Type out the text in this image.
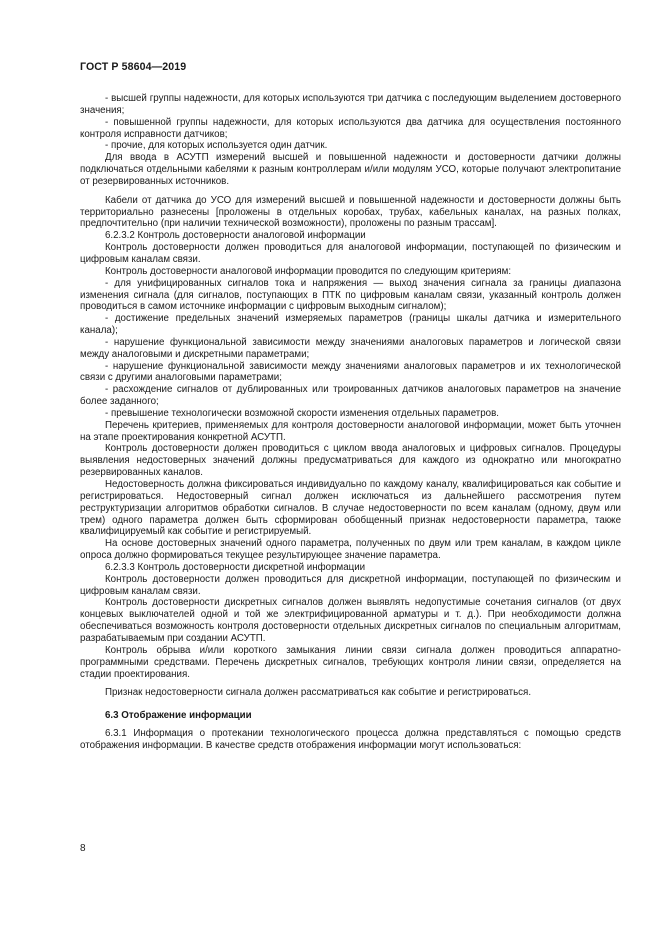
ГОСТ Р 58604—2019

- высшей группы надежности, для которых используются три датчика с последующим выделением достоверного значения;

- повышенной группы надежности, для которых используются два датчика для осуществления постоянного контроля исправности датчиков;

- прочие, для которых используется один датчик.

Для ввода в АСУТП измерений высшей и повышенной надежности и достоверности датчики должны подключаться отдельными кабелями к разным контроллерам и/или модулям УСО, которые получают электропитание от резервированных источников.

Кабели от датчика до УСО для измерений высшей и повышенной надежности и достоверности должны быть территориально разнесены [проложены в отдельных коробах, трубах, кабельных каналах, на разных полках, предпочтительно (при наличии технической возможности), проложены по разным трассам].

6.2.3.2 Контроль достоверности аналоговой информации

Контроль достоверности должен проводиться для аналоговой информации, поступающей по физическим и цифровым каналам связи.

Контроль достоверности аналоговой информации проводится по следующим критериям:

- для унифицированных сигналов тока и напряжения — выход значения сигнала за границы диапазона изменения сигнала (для сигналов, поступающих в ПТК по цифровым каналам связи, указанный контроль должен проводиться в самом источнике информации с цифровым выходным сигналом);

- достижение предельных значений измеряемых параметров (границы шкалы датчика и измерительного канала);

- нарушение функциональной зависимости между значениями аналоговых параметров и логической связи между аналоговыми и дискретными параметрами;

- нарушение функциональной зависимости между значениями аналоговых параметров и их технологической связи с другими аналоговыми параметрами;

- расхождение сигналов от дублированных или троированных датчиков аналоговых параметров на значение более заданного;

- превышение технологически возможной скорости изменения отдельных параметров.

Перечень критериев, применяемых для контроля достоверности аналоговой информации, может быть уточнен на этапе проектирования конкретной АСУТП.

Контроль достоверности должен проводиться с циклом ввода аналоговых и цифровых сигналов. Процедуры выявления недостоверных значений должны предусматриваться для каждого из однократно или многократно резервированных каналов.

Недостоверность должна фиксироваться индивидуально по каждому каналу, квалифицироваться как событие и регистрироваться. Недостоверный сигнал должен исключаться из дальнейшего рассмотрения путем реструктуризации алгоритмов обработки сигналов. В случае недостоверности по всем каналам (одному, двум или трем) одного параметра должен быть сформирован обобщенный признак недостоверности параметра, также квалифицируемый как событие и регистрируемый.

На основе достоверных значений одного параметра, полученных по двум или трем каналам, в каждом цикле опроса должно формироваться текущее результирующее значение параметра.

6.2.3.3 Контроль достоверности дискретной информации

Контроль достоверности должен проводиться для дискретной информации, поступающей по физическим и цифровым каналам связи.

Контроль достоверности дискретных сигналов должен выявлять недопустимые сочетания сигналов (от двух концевых выключателей одной и той же электрифицированной арматуры и т. д.). При необходимости должна обеспечиваться возможность контроля достоверности отдельных дискретных сигналов по специальным алгоритмам, разрабатываемым при создании АСУТП.

Контроль обрыва и/или короткого замыкания линии связи сигнала должен проводиться аппаратно-программными средствами. Перечень дискретных сигналов, требующих контроля линии связи, определяется на стадии проектирования.

Признак недостоверности сигнала должен рассматриваться как событие и регистрироваться.

6.3 Отображение информации

6.3.1 Информация о протекании технологического процесса должна представляться с помощью средств отображения информации. В качестве средств отображения информации могут использоваться:

8
